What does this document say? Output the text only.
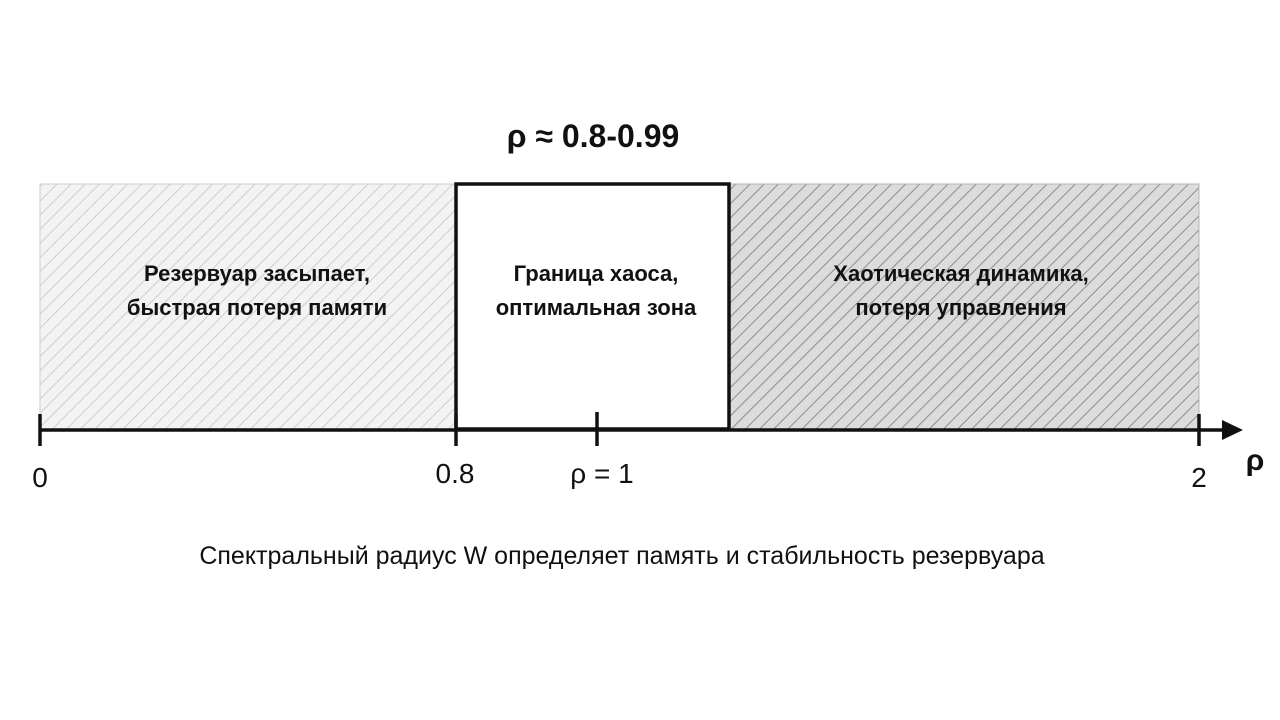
Резервуар засыпает,
быстрая потеря памяти
Хаотическая динамика,
потеря управления
Граница хаоса,
оптимальная зона
ρ ≈ 0.8-0.99
0	0.8	ρ = 1	2
ρ
Спектральный радиус W определяет память и стабильность резервуара
